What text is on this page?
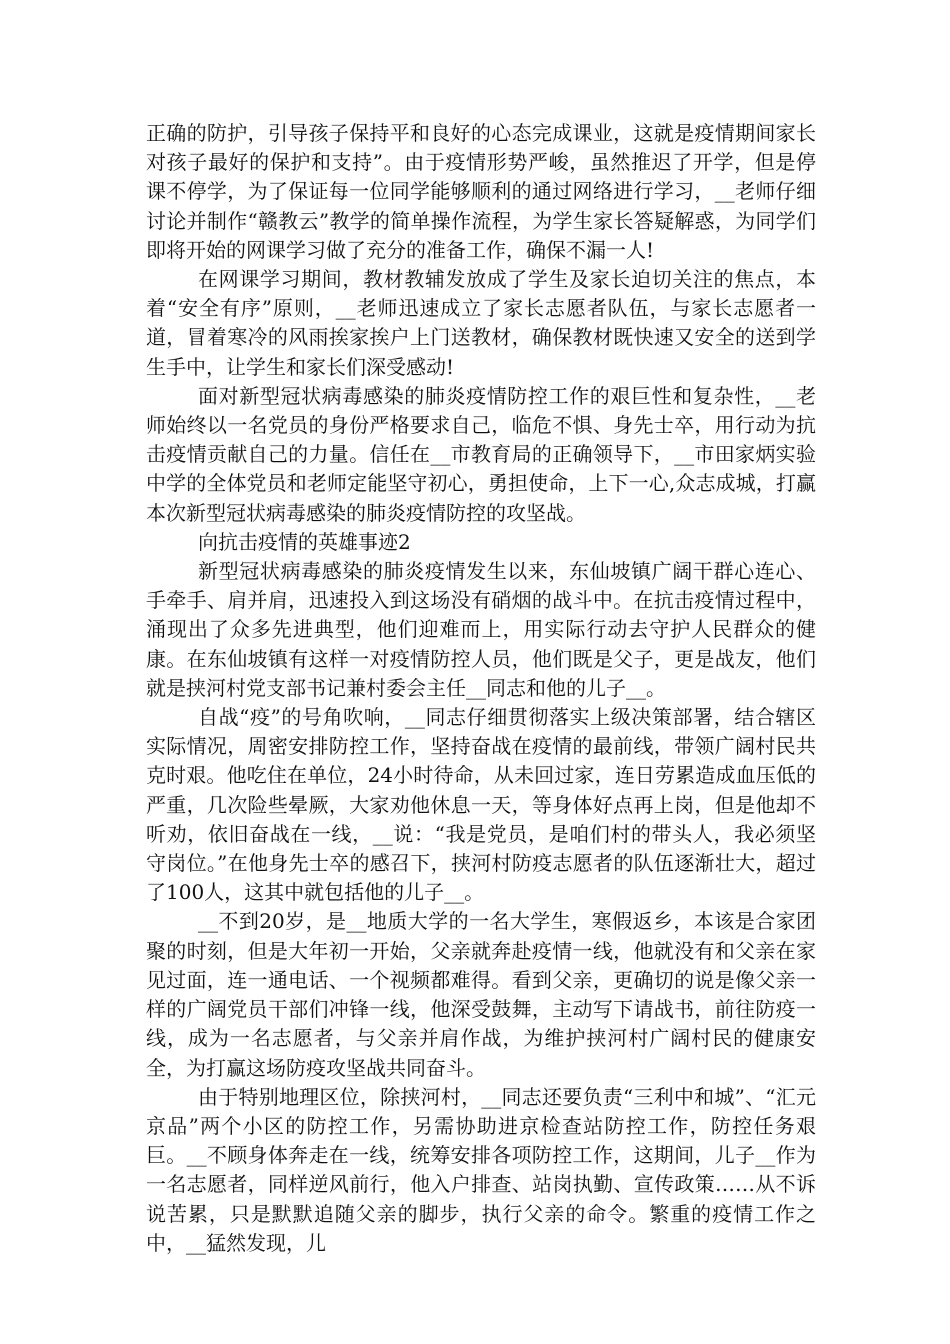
正确的防护，引导孩子保持平和良好的心态完成课业，这就是疫情期间家长对孩子最好的保护和支持”。由于疫情形势严峻，虽然推迟了开学，但是停课不停学，为了保证每一位同学能够顺利的通过网络进行学习，__老师仔细讨论并制作“赣教云”教学的简单操作流程，为学生家长答疑解惑，为同学们即将开始的网课学习做了充分的准备工作，确保不漏一人!

在网课学习期间，教材教辅发放成了学生及家长迫切关注的焦点，本着“安全有序”原则，__老师迅速成立了家长志愿者队伍，与家长志愿者一道，冒着寒冷的风雨挨家挨户上门送教材，确保教材既快速又安全的送到学生手中，让学生和家长们深受感动!

面对新型冠状病毒感染的肺炎疫情防控工作的艰巨性和复杂性，__老师始终以一名党员的身份严格要求自己，临危不惧、身先士卒，用行动为抗击疫情贡献自己的力量。信任在__市教育局的正确领导下，__市田家炳实验中学的全体党员和老师定能坚守初心，勇担使命，上下一心,众志成城，打赢本次新型冠状病毒感染的肺炎疫情防控的攻坚战。

向抗击疫情的英雄事迹2

新型冠状病毒感染的肺炎疫情发生以来，东仙坡镇广阔干群心连心、手牵手、肩并肩，迅速投入到这场没有硝烟的战斗中。在抗击疫情过程中，涌现出了众多先进典型，他们迎难而上，用实际行动去守护人民群众的健康。在东仙坡镇有这样一对疫情防控人员，他们既是父子，更是战友，他们就是挟河村党支部书记兼村委会主任__同志和他的儿子__。

自战“疫”的号角吹响，__同志仔细贯彻落实上级决策部署，结合辖区实际情况，周密安排防控工作，坚持奋战在疫情的最前线，带领广阔村民共克时艰。他吃住在单位，24小时待命，从未回过家，连日劳累造成血压低的严重，几次险些晕厥，大家劝他休息一天，等身体好点再上岗，但是他却不听劝，依旧奋战在一线，__说：“我是党员，是咱们村的带头人，我必须坚守岗位。”在他身先士卒的感召下，挟河村防疫志愿者的队伍逐渐壮大，超过了100人，这其中就包括他的儿子__。

__不到20岁，是__地质大学的一名大学生，寒假返乡，本该是合家团聚的时刻，但是大年初一开始，父亲就奔赴疫情一线，他就没有和父亲在家见过面，连一通电话、一个视频都难得。看到父亲，更确切的说是像父亲一样的广阔党员干部们冲锋一线，他深受鼓舞，主动写下请战书，前往防疫一线，成为一名志愿者，与父亲并肩作战，为维护挟河村广阔村民的健康安全，为打赢这场防疫攻坚战共同奋斗。

由于特别地理区位，除挟河村，__同志还要负责“三利中和城”、“汇元京品”两个小区的防控工作，另需协助进京检查站防控工作，防控任务艰巨。__不顾身体奔走在一线，统筹安排各项防控工作，这期间，儿子__作为一名志愿者，同样逆风前行，他入户排查、站岗执勤、宣传政策……从不诉说苦累，只是默默追随父亲的脚步，执行父亲的命令。繁重的疫情工作之中，__猛然发现，儿
